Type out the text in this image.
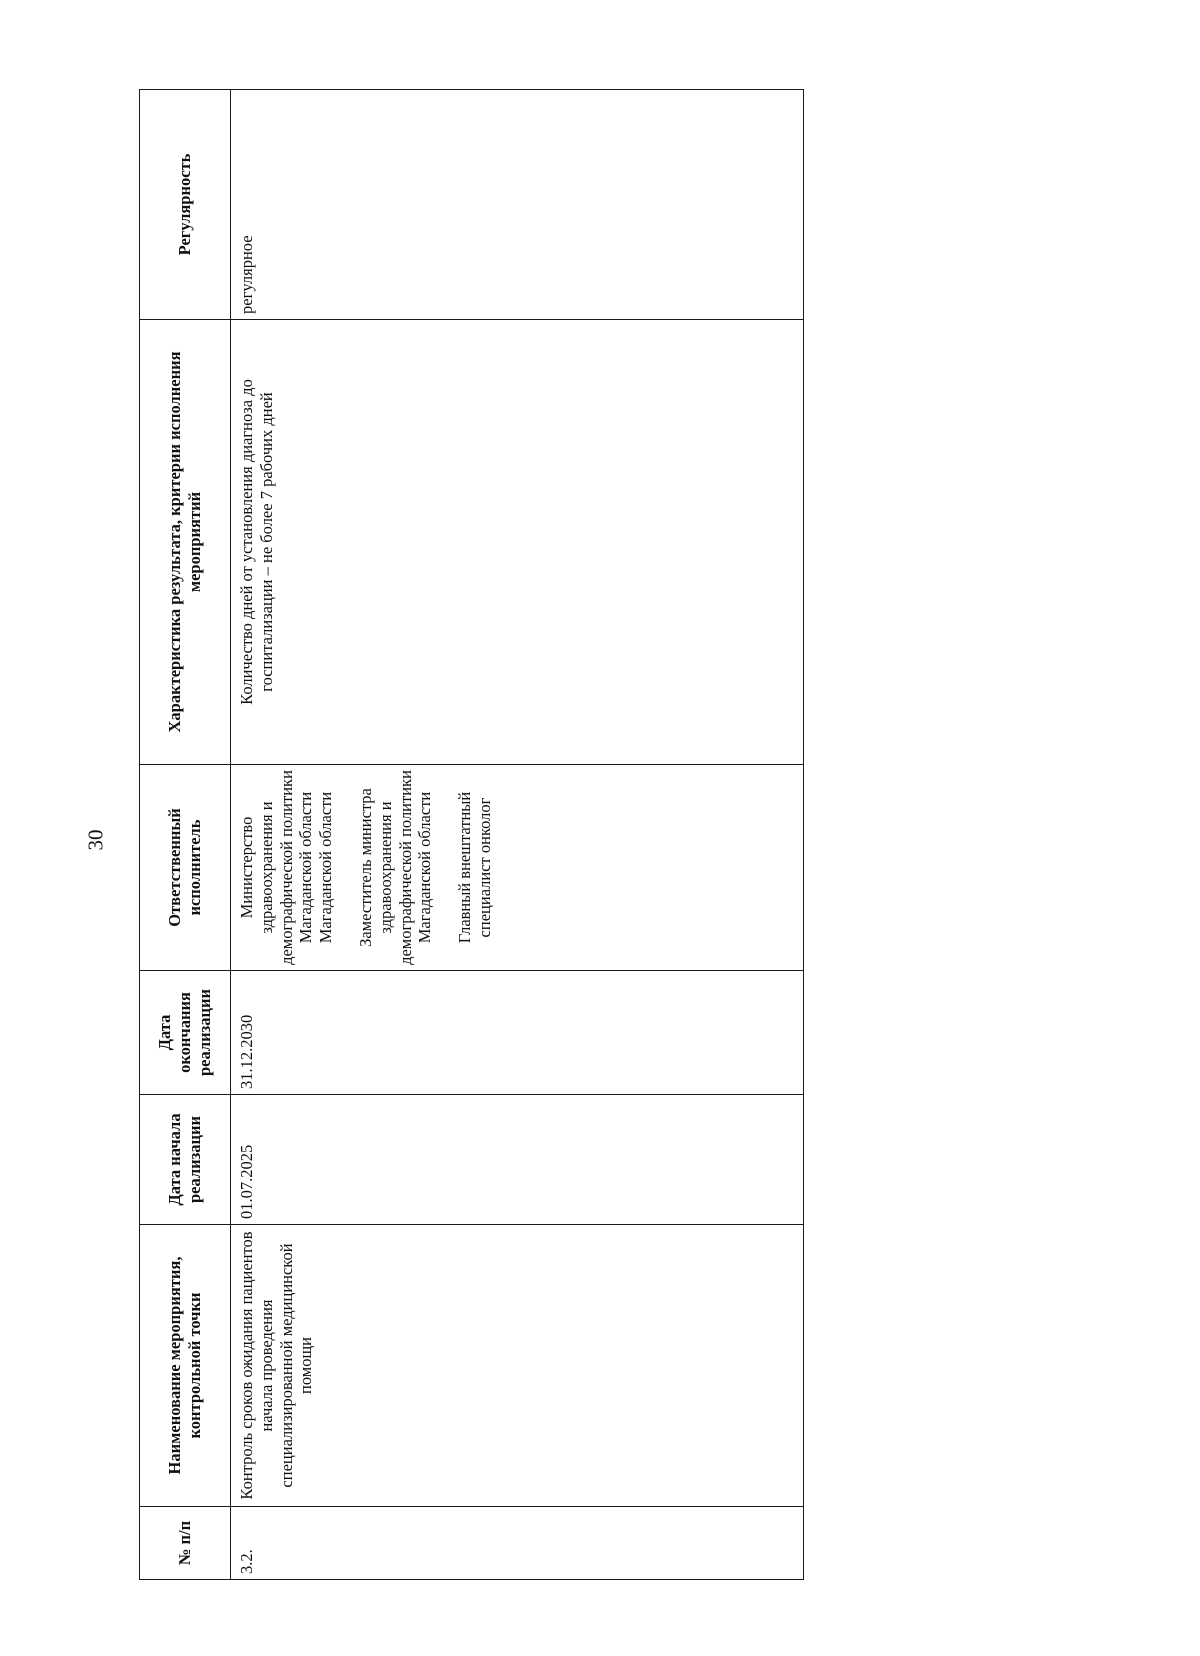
30
№ п/п	Наименование мероприятия, контрольной точки	Дата начала реализации	Дата окончания реализации	Ответственный исполнитель	Характеристика результата, критерии исполнения мероприятий	Регулярность
3.2.	Контроль сроков ожидания пациентов начала проведения специализированной медицинской помощи	01.07.2025	31.12.2030	Министерство здравоохранения и демографической политики Магаданской области Магаданской области Заместитель министра здравоохранения и демографической политики Магаданской области Главный внештатный специалист онколог	Количество дней от установления диагноза до госпитализации – не более 7 рабочих дней	регулярное
